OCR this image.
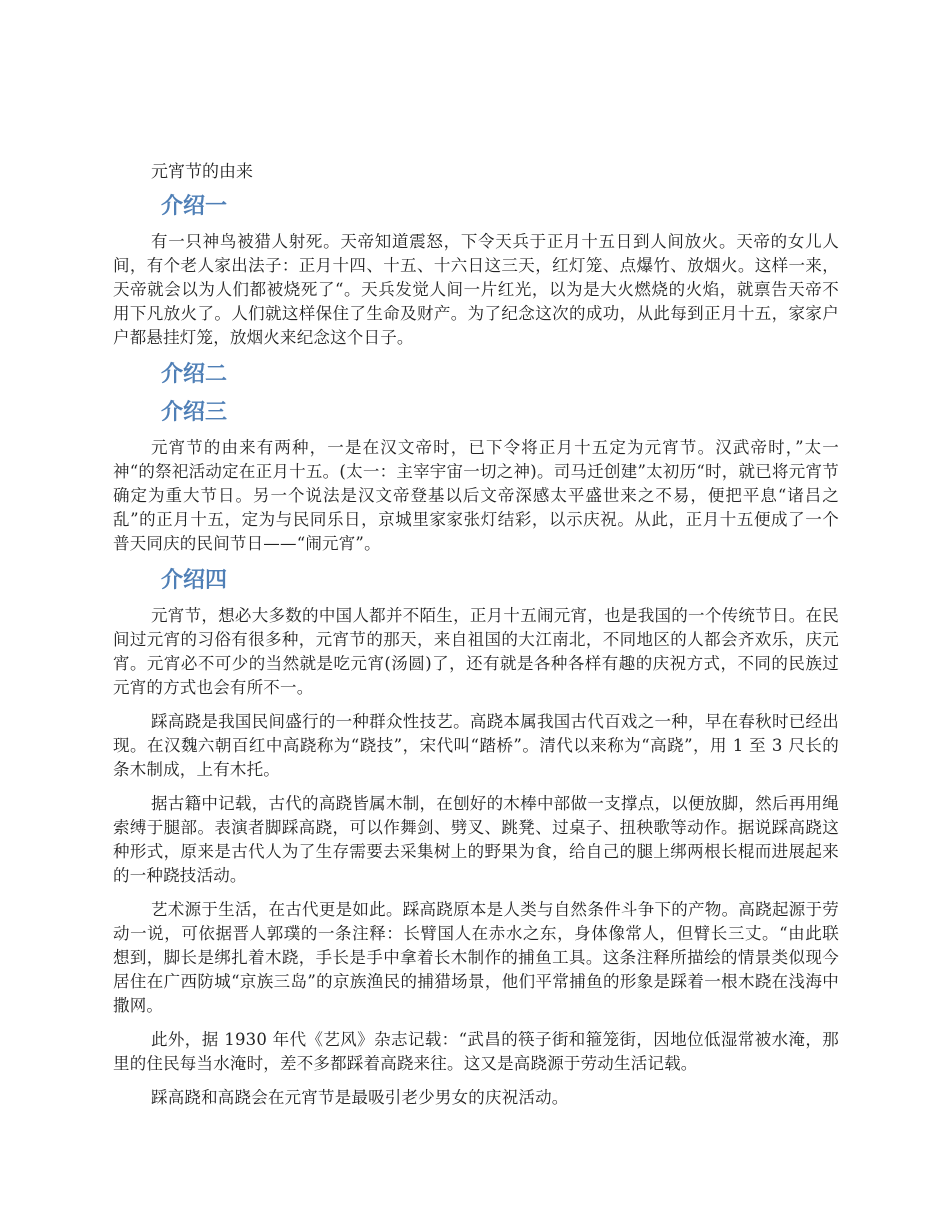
元宵节的由来
介绍一

有一只神鸟被猎人射死。天帝知道震怒，下令天兵于正月十五日到人间放火。天帝的女儿人间，有个老人家出法子：正月十四、十五、十六日这三天，红灯笼、点爆竹、放烟火。这样一来，天帝就会以为人们都被烧死了“。天兵发觉人间一片红光，以为是大火燃烧的火焰，就禀告天帝不用下凡放火了。人们就这样保住了生命及财产。为了纪念这次的成功，从此每到正月十五，家家户户都悬挂灯笼，放烟火来纪念这个日子。

介绍二
介绍三

元宵节的由来有两种，一是在汉文帝时，已下令将正月十五定为元宵节。汉武帝时，”太一神“的祭祀活动定在正月十五。(太一：主宰宇宙一切之神)。司马迁创建”太初历“时，就已将元宵节确定为重大节日。另一个说法是汉文帝登基以后文帝深感太平盛世来之不易，便把平息“诸吕之乱”的正月十五，定为与民同乐日，京城里家家张灯结彩，以示庆祝。从此，正月十五便成了一个普天同庆的民间节日——“闹元宵”。

介绍四

元宵节，想必大多数的中国人都并不陌生，正月十五闹元宵，也是我国的一个传统节日。在民间过元宵的习俗有很多种，元宵节的那天，来自祖国的大江南北，不同地区的人都会齐欢乐，庆元宵。元宵必不可少的当然就是吃元宵(汤圆)了，还有就是各种各样有趣的庆祝方式，不同的民族过元宵的方式也会有所不一。

踩高跷是我国民间盛行的一种群众性技艺。高跷本属我国古代百戏之一种，早在春秋时已经出现。在汉魏六朝百红中高跷称为“跷技”，宋代叫“踏桥”。清代以来称为“高跷”，用 1 至 3 尺长的条木制成，上有木托。

据古籍中记载，古代的高跷皆属木制，在刨好的木棒中部做一支撑点，以便放脚，然后再用绳索缚于腿部。表演者脚踩高跷，可以作舞剑、劈叉、跳凳、过桌子、扭秧歌等动作。据说踩高跷这种形式，原来是古代人为了生存需要去采集树上的野果为食，给自己的腿上绑两根长棍而进展起来的一种跷技活动。

艺术源于生活，在古代更是如此。踩高跷原本是人类与自然条件斗争下的产物。高跷起源于劳动一说，可依据晋人郭璞的一条注释：长臂国人在赤水之东，身体像常人，但臂长三丈。“由此联想到，脚长是绑扎着木跷，手长是手中拿着长木制作的捕鱼工具。这条注释所描绘的情景类似现今居住在广西防城“京族三岛”的京族渔民的捕猎场景，他们平常捕鱼的形象是踩着一根木跷在浅海中撒网。

此外，据 1930 年代《艺风》杂志记载：“武昌的筷子街和箍笼街，因地位低湿常被水淹，那里的住民每当水淹时，差不多都踩着高跷来往。这又是高跷源于劳动生活记载。

踩高跷和高跷会在元宵节是最吸引老少男女的庆祝活动。
